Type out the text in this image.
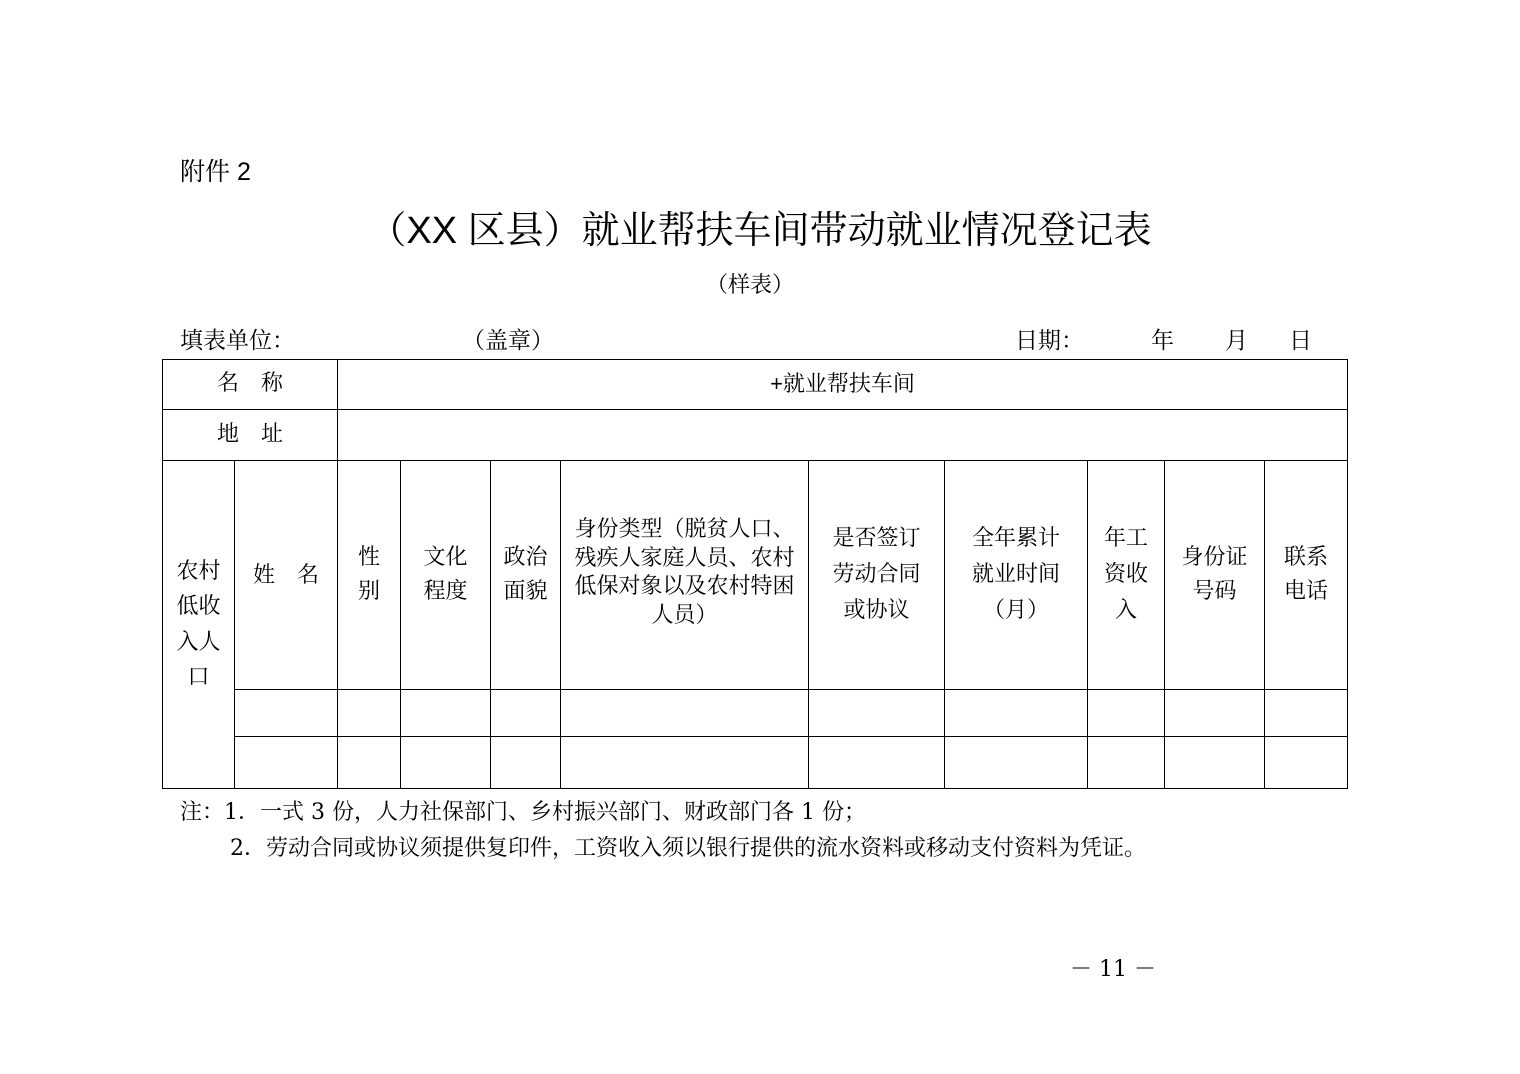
附件 2
（XX 区县）就业帮扶车间带动就业情况登记表
（样表）
填表单位：	（盖章）	日期：	年 月 日
名　称		+就业帮扶车间								
地　址										
农村低收入人口	姓　名	性别	文化程度	政治面貌	身份类型（脱贫人口、残疾人家庭人员、农村低保对象以及农村特困人员）	是否签订劳动合同或协议	全年累计就业时间（月）	年工资收入	身份证号码	联系电话

注：1．一式 3 份，人力社保部门、乡村振兴部门、财政部门各 1 份；
2．劳动合同或协议须提供复印件，工资收入须以银行提供的流水资料或移动支付资料为凭证。
－ 11 －
